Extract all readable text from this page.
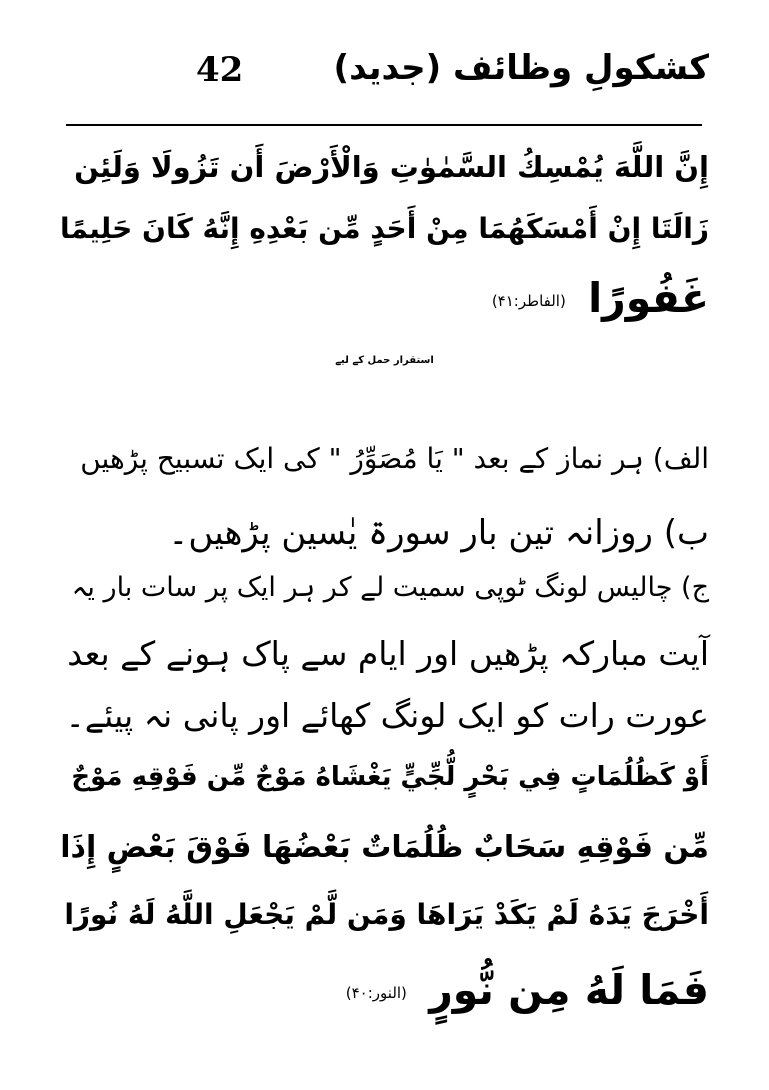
42	کشکولِ وظائف (جدید)
إِنَّ اللَّهَ يُمْسِكُ السَّمٰوٰتِ وَالْأَرْضَ أَن تَزُولَا وَلَئِن
زَالَتَا إِنْ أَمْسَكَهُمَا مِنْ أَحَدٍ مِّن بَعْدِهِ إِنَّهُ كَانَ حَلِيمًا
غَفُورًا (الفاطر:۴۱)
استقرار حمل کے لیے
الف) ہر نماز کے بعد " یَا مُصَوِّرُ " کی ایک تسبیح پڑھیں
ب) روزانہ تین بار سورۃ یٰسین پڑھیں۔
ج) چالیس لونگ ٹوپی سمیت لے کر ہر ایک پر سات بار یہ
آیت مبارکہ پڑھیں اور ایام سے پاک ہونے کے بعد
عورت رات کو ایک لونگ کھائے اور پانی نہ پیئے۔
أَوْ كَظُلُمَاتٍ فِي بَحْرٍ لُّجِّيٍّ يَغْشَاهُ مَوْجٌ مِّن فَوْقِهِ مَوْجٌ
مِّن فَوْقِهِ سَحَابٌ ظُلُمَاتٌ بَعْضُهَا فَوْقَ بَعْضٍ إِذَا
أَخْرَجَ يَدَهُ لَمْ يَكَدْ يَرَاهَا وَمَن لَّمْ يَجْعَلِ اللَّهُ لَهُ نُورًا
فَمَا لَهُ مِن نُّورٍ (النور:۴۰)
